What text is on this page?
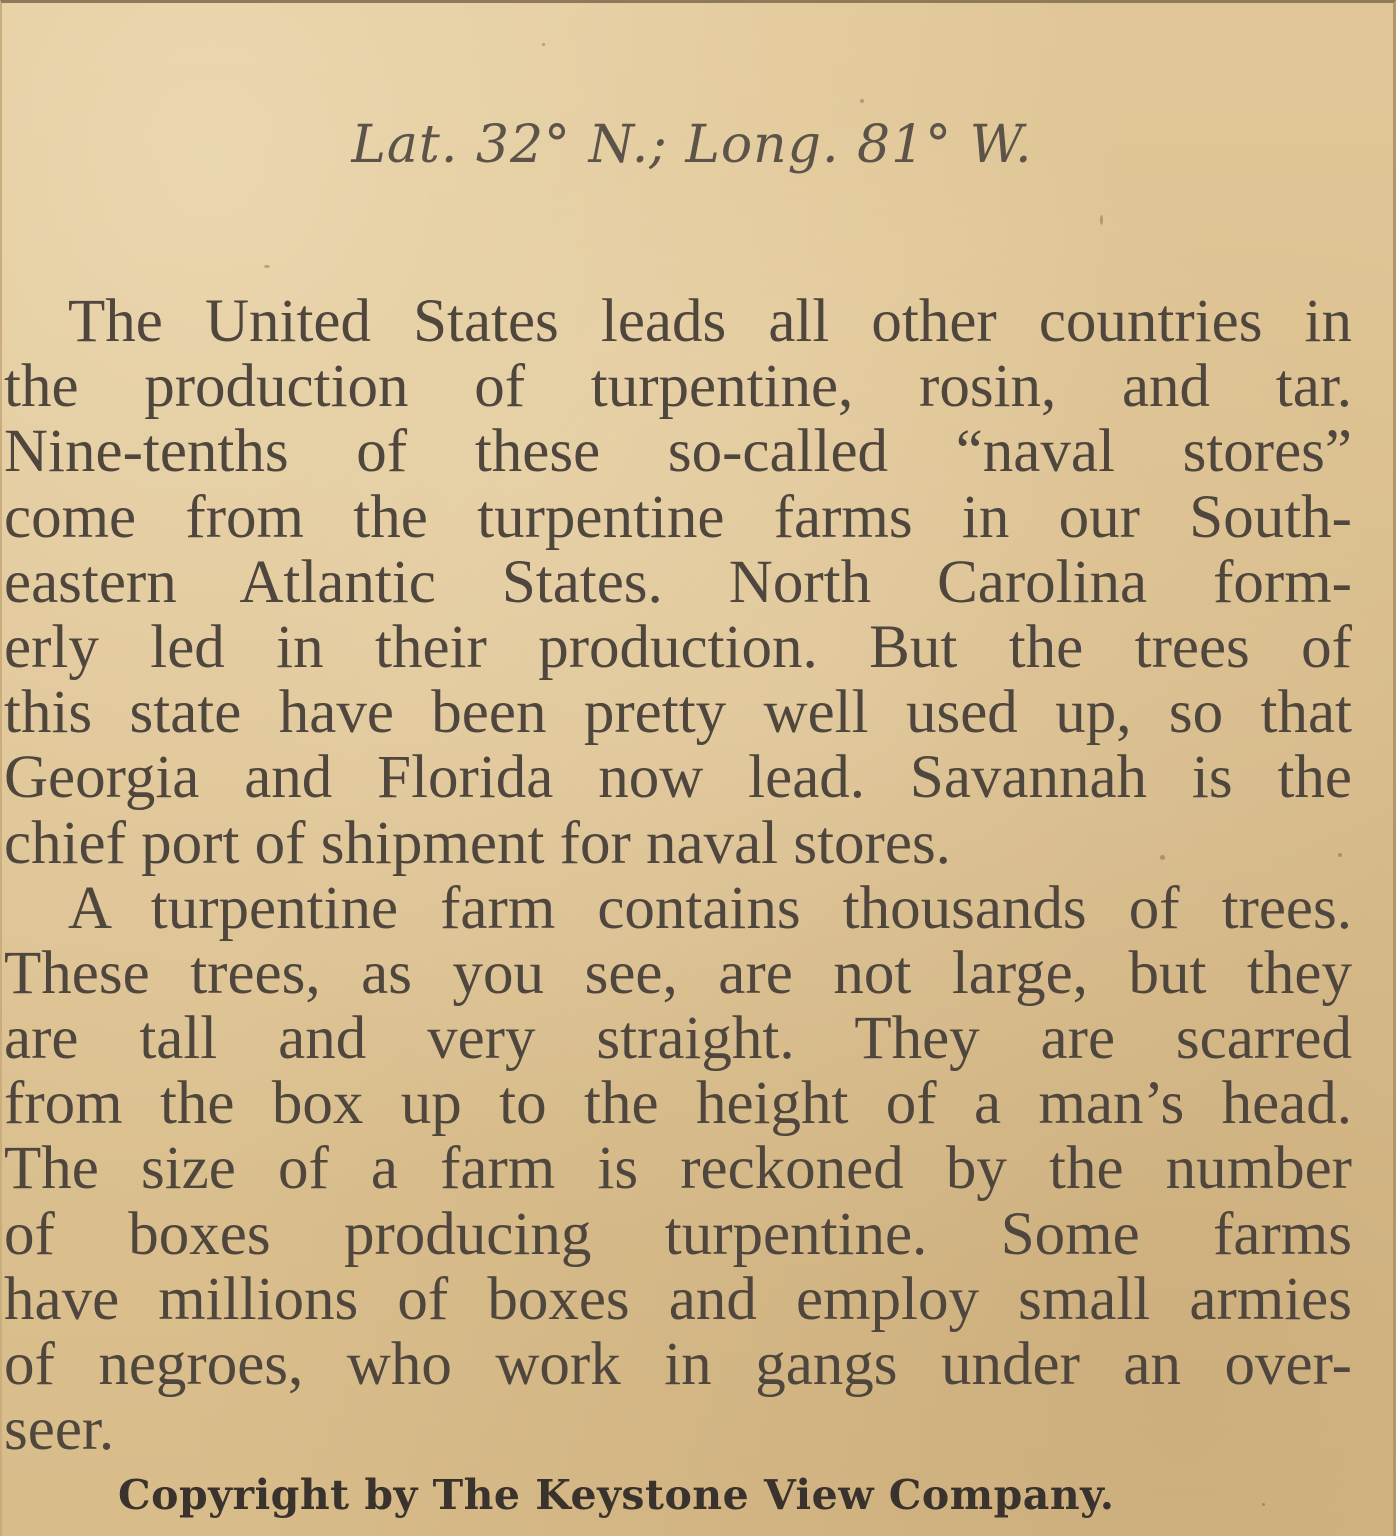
Lat. 32° N.; Long. 81° W.
The United States leads all other countries in
the production of turpentine, rosin, and tar.
Nine-tenths of these so-called “naval stores”
come from the turpentine farms in our South-
eastern Atlantic States. North Carolina form-
erly led in their production. But the trees of
this state have been pretty well used up, so that
Georgia and Florida now lead. Savannah is the
chief port of shipment for naval stores.
A turpentine farm contains thousands of trees.
These trees, as you see, are not large, but they
are tall and very straight. They are scarred
from the box up to the height of a man’s head.
The size of a farm is reckoned by the number
of boxes producing turpentine. Some farms
have millions of boxes and employ small armies
of negroes, who work in gangs under an over-
seer.
Copyright by The Keystone View Company.
